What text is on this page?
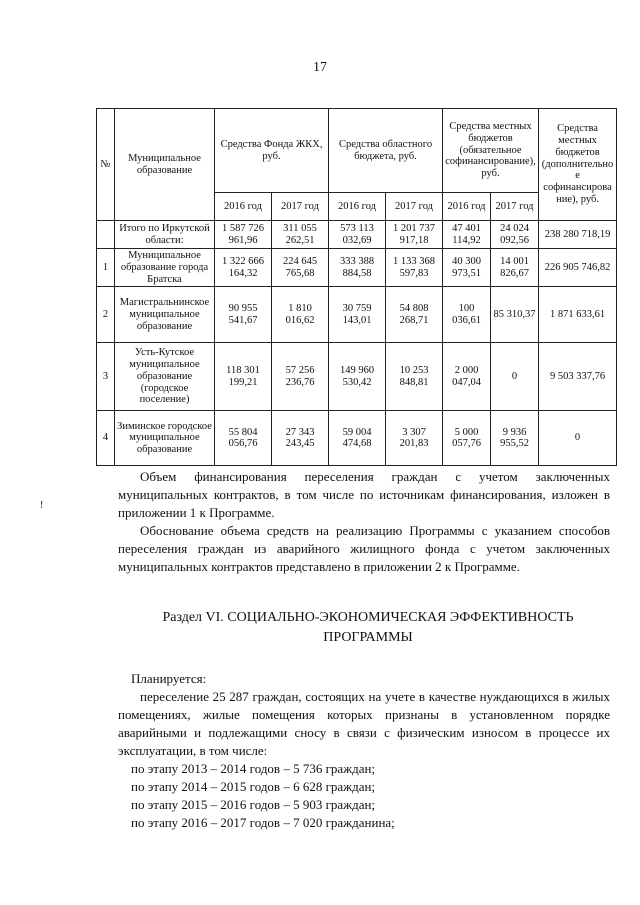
17
№	Муниципальное образование	Средства Фонда ЖКХ, руб.		Средства областного бюджета, руб.		Средства местных бюджетов (обязательное софинансирование), руб.		Средства местных бюджетов (дополнительное софинансирование), руб.
		2016 год	2017 год	2016 год	2017 год	2016 год	2017 год	
	Итого по Иркутской области:	1 587 726 961,96	311 055 262,51	573 113 032,69	1 201 737 917,18	47 401 114,92	24 024 092,56	238 280 718,19
1	Муниципальное образование города Братска	1 322 666 164,32	224 645 765,68	333 388 884,58	1 133 368 597,83	40 300 973,51	14 001 826,67	226 905 746,82
2	Магистральнинское муниципальное образование	90 955 541,67	1 810 016,62	30 759 143,01	54 808 268,71	100 036,61	85 310,37	1 871 633,61
3	Усть-Кутское муниципальное образование (городское поселение)	118 301 199,21	57 256 236,76	149 960 530,42	10 253 848,81	2 000 047,04	0	9 503 337,76
4	Зиминское городское муниципальное образование	55 804 056,76	27 343 243,45	59 004 474,68	3 307 201,83	5 000 057,76	9 936 955,52	0
!
Объем финансирования переселения граждан с учетом заключенных муниципальных контрактов, в том числе по источникам финансирования, изложен в приложении 1 к Программе.
Обоснование объема средств на реализацию Программы с указанием способов переселения граждан из аварийного жилищного фонда с учетом заключенных муниципальных контрактов представлено в приложении 2 к Программе.
Раздел VI. СОЦИАЛЬНО-ЭКОНОМИЧЕСКАЯ ЭФФЕКТИВНОСТЬ
ПРОГРАММЫ
Планируется:
переселение 25 287 граждан, состоящих на учете в качестве нуждающихся в жилых помещениях, жилые помещения которых признаны в установленном порядке аварийными и подлежащими сносу в связи с физическим износом в процессе их эксплуатации, в том числе:
по этапу 2013 – 2014 годов – 5 736 граждан;
по этапу 2014 – 2015 годов – 6 628 граждан;
по этапу 2015 – 2016 годов – 5 903 граждан;
по этапу 2016 – 2017 годов – 7 020 гражданина;
